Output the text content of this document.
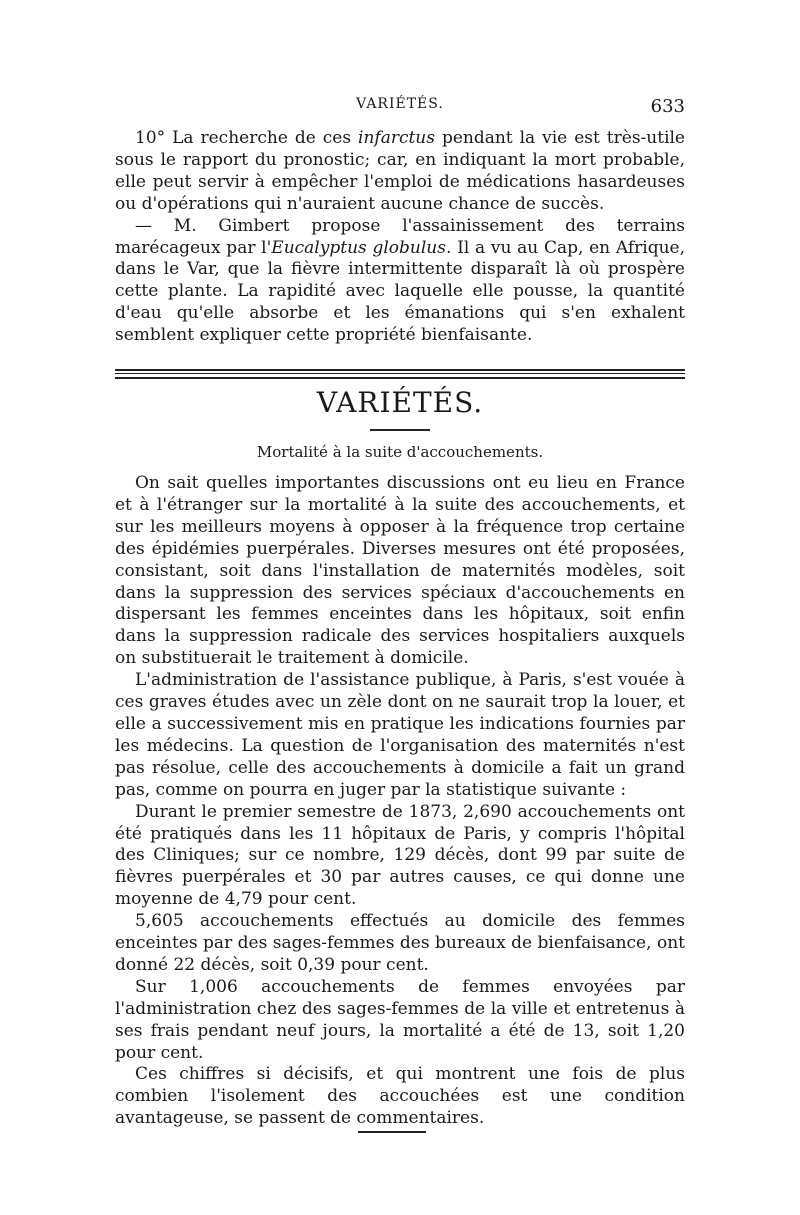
VARIÉTÉS.	633

10° La recherche de ces infarctus pendant la vie est très-utile sous le rapport du pronostic; car, en indiquant la mort probable, elle peut servir à empêcher l'emploi de médications hasardeuses ou d'opérations qui n'auraient aucune chance de succès.

— M. Gimbert propose l'assainissement des terrains marécageux par l'Eucalyptus globulus. Il a vu au Cap, en Afrique, dans le Var, que la fièvre intermittente disparaît là où prospère cette plante. La rapidité avec laquelle elle pousse, la quantité d'eau qu'elle absorbe et les émanations qui s'en exhalent semblent expliquer cette propriété bienfaisante.

VARIÉTÉS.
Mortalité à la suite d'accouchements.

On sait quelles importantes discussions ont eu lieu en France et à l'étranger sur la mortalité à la suite des accouchements, et sur les meilleurs moyens à opposer à la fréquence trop certaine des épidémies puerpérales. Diverses mesures ont été proposées, consistant, soit dans l'installation de maternités modèles, soit dans la suppression des services spéciaux d'accouchements en dispersant les femmes enceintes dans les hôpitaux, soit enfin dans la suppression radicale des services hospitaliers auxquels on substituerait le traitement à domicile.

L'administration de l'assistance publique, à Paris, s'est vouée à ces graves études avec un zèle dont on ne saurait trop la louer, et elle a successivement mis en pratique les indications fournies par les médecins. La question de l'organisation des maternités n'est pas résolue, celle des accouchements à domicile a fait un grand pas, comme on pourra en juger par la statistique suivante :

Durant le premier semestre de 1873, 2,690 accouchements ont été pratiqués dans les 11 hôpitaux de Paris, y compris l'hôpital des Cliniques; sur ce nombre, 129 décès, dont 99 par suite de fièvres puerpérales et 30 par autres causes, ce qui donne une moyenne de 4,79 pour cent.

5,605 accouchements effectués au domicile des femmes enceintes par des sages-femmes des bureaux de bienfaisance, ont donné 22 décès, soit 0,39 pour cent.

Sur 1,006 accouchements de femmes envoyées par l'administration chez des sages-femmes de la ville et entretenus à ses frais pendant neuf jours, la mortalité a été de 13, soit 1,20 pour cent.

Ces chiffres si décisifs, et qui montrent une fois de plus combien l'isolement des accouchées est une condition avantageuse, se passent de commentaires.
